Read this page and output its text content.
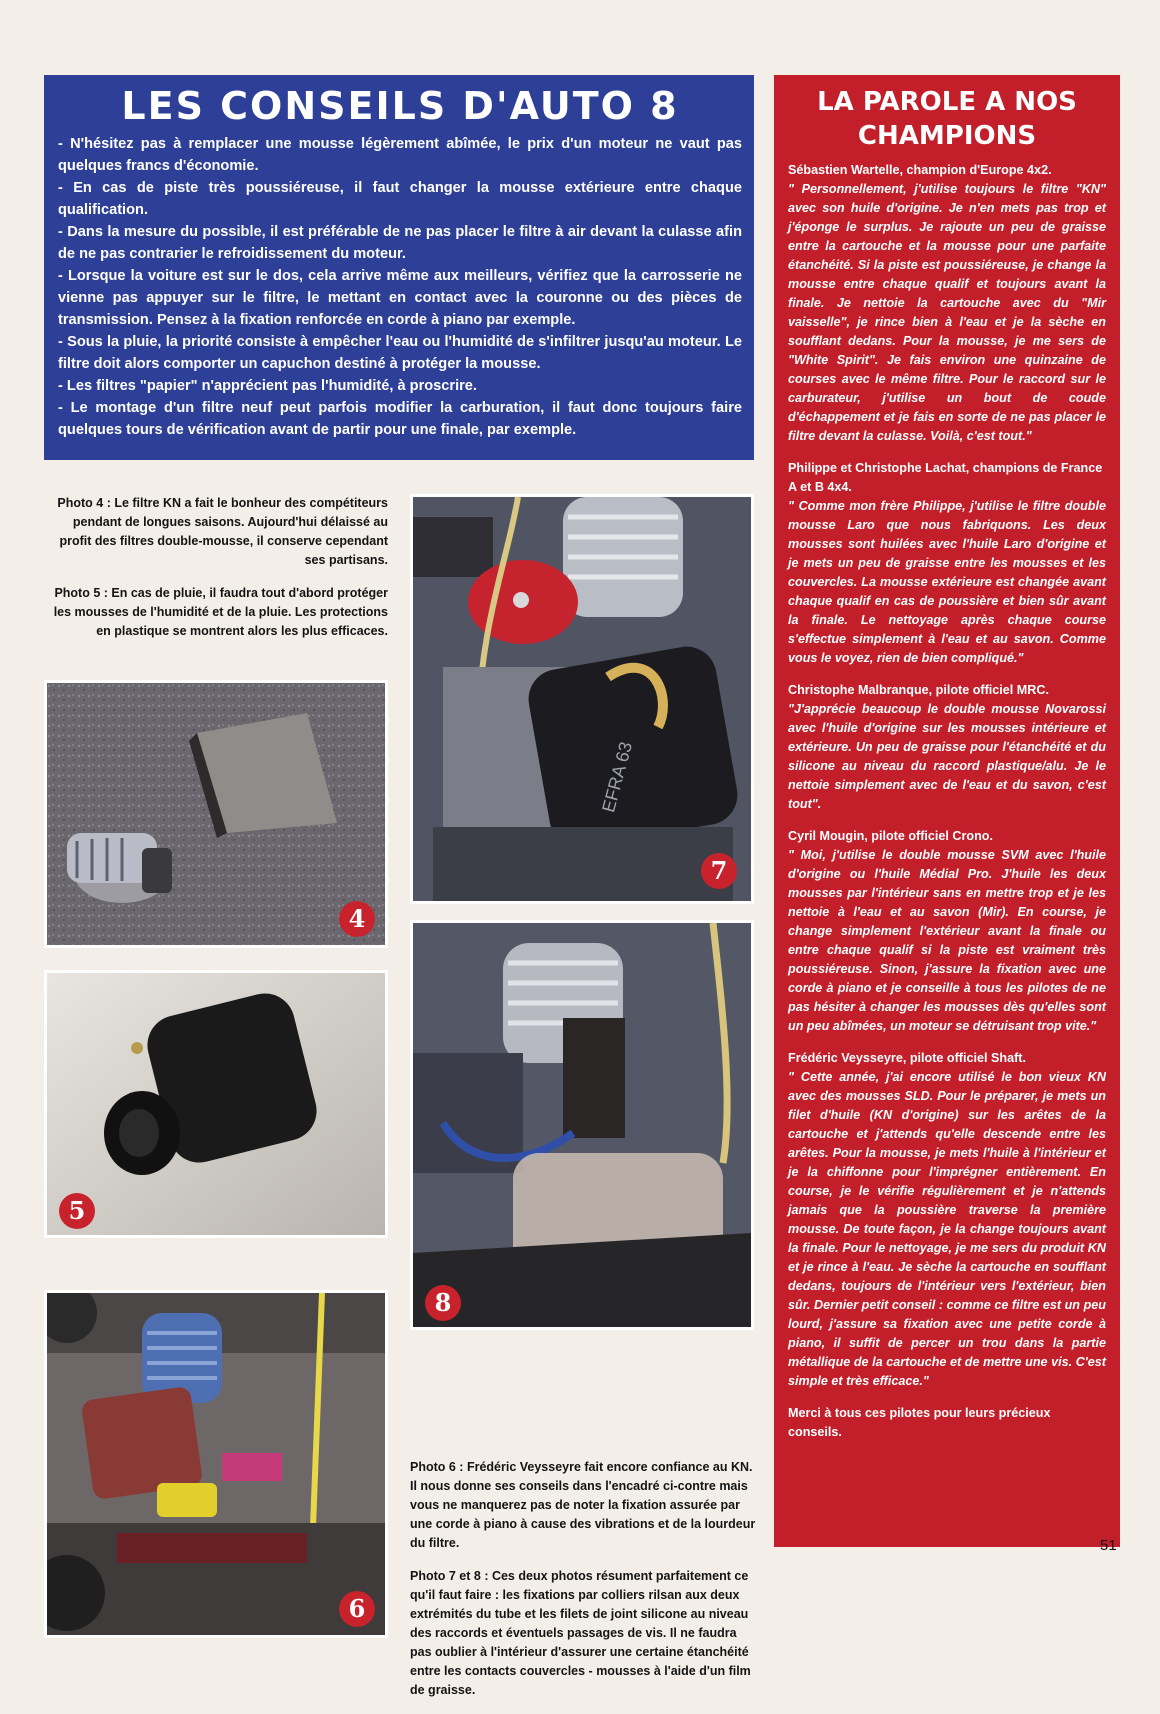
LES CONSEILS D'AUTO 8

- N'hésitez pas à remplacer une mousse légèrement abîmée, le prix d'un moteur ne vaut pas quelques francs d'économie.

- En cas de piste très poussiéreuse, il faut changer la mousse extérieure entre chaque qualification.

- Dans la mesure du possible, il est préférable de ne pas placer le filtre à air devant la culasse afin de ne pas contrarier le refroidissement du moteur.

- Lorsque la voiture est sur le dos, cela arrive même aux meilleurs, vérifiez que la carrosserie ne vienne pas appuyer sur le filtre, le mettant en contact avec la couronne ou des pièces de transmission. Pensez à la fixation renforcée en corde à piano par exemple.

- Sous la pluie, la priorité consiste à empêcher l'eau ou l'humidité de s'infiltrer jusqu'au moteur. Le filtre doit alors comporter un capuchon destiné à protéger la mousse.

- Les filtres "papier" n'apprécient pas l'humidité, à proscrire.

- Le montage d'un filtre neuf peut parfois modifier la carburation, il faut donc toujours faire quelques tours de vérification avant de partir pour une finale, par exemple.

LA PAROLE A NOS
CHAMPIONS

Sébastien Wartelle, champion d'Europe 4x2.

" Personnellement, j'utilise toujours le filtre "KN" avec son huile d'origine. Je n'en mets pas trop et j'éponge le surplus. Je rajoute un peu de graisse entre la cartouche et la mousse pour une parfaite étanchéité. Si la piste est poussiéreuse, je change la mousse entre chaque qualif et toujours avant la finale. Je nettoie la cartouche avec du "Mir vaisselle", je rince bien à l'eau et je la sèche en soufflant dedans. Pour la mousse, je me sers de "White Spirit". Je fais environ une quinzaine de courses avec le même filtre. Pour le raccord sur le carburateur, j'utilise un bout de coude d'échappement et je fais en sorte de ne pas placer le filtre devant la culasse. Voilà, c'est tout."

Philippe et Christophe Lachat, champions de France A et B 4x4.

" Comme mon frère Philippe, j'utilise le filtre double mousse Laro que nous fabriquons. Les deux mousses sont huilées avec l'huile Laro d'origine et je mets un peu de graisse entre les mousses et les couvercles. La mousse extérieure est changée avant chaque qualif en cas de poussière et bien sûr avant la finale. Le nettoyage après chaque course s'effectue simplement à l'eau et au savon. Comme vous le voyez, rien de bien compliqué."

Christophe Malbranque, pilote officiel MRC.

"J'apprécie beaucoup le double mousse Novarossi avec l'huile d'origine sur les mousses intérieure et extérieure. Un peu de graisse pour l'étanchéité et du silicone au niveau du raccord plastique/alu. Je le nettoie simplement avec de l'eau et du savon, c'est tout".

Cyril Mougin, pilote officiel Crono.

" Moi, j'utilise le double mousse SVM avec l'huile d'origine ou l'huile Médial Pro. J'huile les deux mousses par l'intérieur sans en mettre trop et je les nettoie à l'eau et au savon (Mir). En course, je change simplement l'extérieur avant la finale ou entre chaque qualif si la piste est vraiment très poussiéreuse. Sinon, j'assure la fixation avec une corde à piano et je conseille à tous les pilotes de ne pas hésiter à changer les mousses dès qu'elles sont un peu abîmées, un moteur se détruisant trop vite."

Frédéric Veysseyre, pilote officiel Shaft.

" Cette année, j'ai encore utilisé le bon vieux KN avec des mousses SLD. Pour le préparer, je mets un filet d'huile (KN d'origine) sur les arêtes de la cartouche et j'attends qu'elle descende entre les arêtes. Pour la mousse, je mets l'huile à l'intérieur et je la chiffonne pour l'imprégner entièrement. En course, je le vérifie régulièrement et je n'attends jamais que la poussière traverse la première mousse. De toute façon, je la change toujours avant la finale. Pour le nettoyage, je me sers du produit KN et je rince à l'eau. Je sèche la cartouche en soufflant dedans, toujours de l'intérieur vers l'extérieur, bien sûr. Dernier petit conseil : comme ce filtre est un peu lourd, j'assure sa fixation avec une petite corde à piano, il suffit de percer un trou dans la partie métallique de la cartouche et de mettre une vis. C'est simple et très efficace."

Merci à tous ces pilotes pour leurs précieux conseils.

Photo 4 : Le filtre KN a fait le bonheur des compétiteurs pendant de longues saisons. Aujourd'hui délaissé au profit des filtres double-mousse, il conserve cependant ses partisans.

Photo 5 : En cas de pluie, il faudra tout d'abord protéger les mousses de l'humidité et de la pluie. Les protections en plastique se montrent alors les plus efficaces.

4
5
6
EFRA 63
7
8

Photo 6 : Frédéric Veysseyre fait encore confiance au KN. Il nous donne ses conseils dans l'encadré ci-contre mais vous ne manquerez pas de noter la fixation assurée par une corde à piano à cause des vibrations et de la lourdeur du filtre.

Photo 7 et 8 : Ces deux photos résument parfaitement ce qu'il faut faire : les fixations par colliers rilsan aux deux extrémités du tube et les filets de joint silicone au niveau des raccords et éventuels passages de vis. Il ne faudra pas oublier à l'intérieur d'assurer une certaine étanchéité entre les contacts couvercles - mousses à l'aide d'un film de graisse.

51
